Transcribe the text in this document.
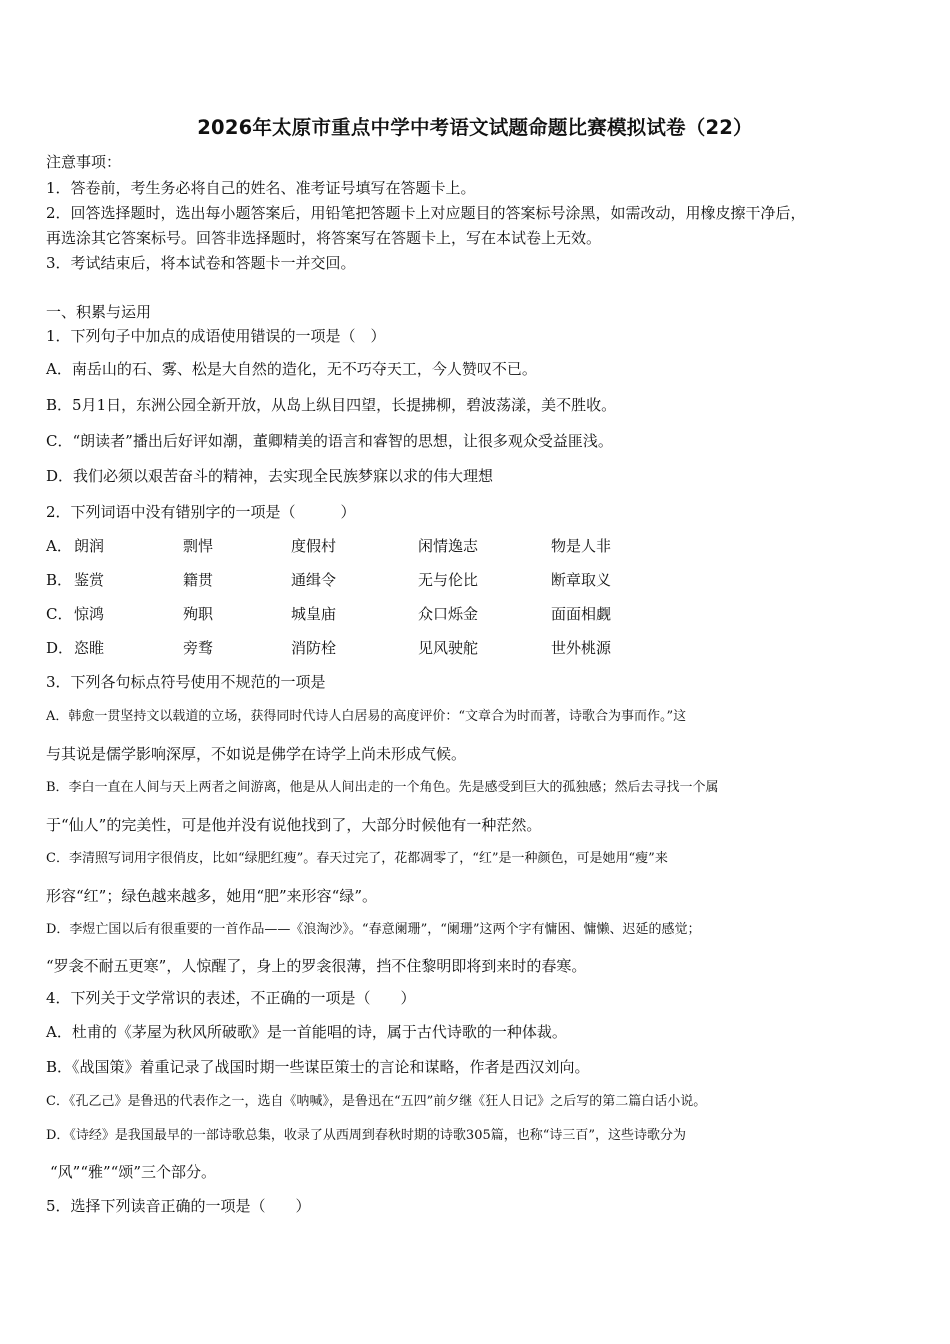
2026年太原市重点中学中考语文试题命题比赛模拟试卷（22）
注意事项：
1．答卷前，考生务必将自己的姓名、准考证号填写在答题卡上。
2．回答选择题时，选出每小题答案后，用铅笔把答题卡上对应题目的答案标号涂黑，如需改动，用橡皮擦干净后，
再选涂其它答案标号。回答非选择题时，将答案写在答题卡上，写在本试卷上无效。
3．考试结束后，将本试卷和答题卡一并交回。
一、积累与运用
1．下列句子中加点的成语使用错误的一项是（　）
A．南岳山的石、雾、松是大自然的造化，无不巧夺天工，今人赞叹不已。
B．5月1日，东洲公园全新开放，从岛上纵目四望，长提拂柳，碧波荡漾，美不胜收。
C．“朗读者”播出后好评如潮，董卿精美的语言和睿智的思想，让很多观众受益匪浅。
D．我们必须以艰苦奋斗的精神，去实现全民族梦寐以求的伟大理想
2．下列词语中没有错别字的一项是（　　　）
A． 朗润	剽悍	度假村	闲情逸志	物是人非
B． 鉴赏	籍贯	通缉令	无与伦比	断章取义
C． 惊鸿	殉职	城皇庙	众口烁金	面面相觑
D． 恣睢	旁骛	消防栓	见风驶舵	世外桃源
3．下列各句标点符号使用不规范的一项是
A．韩愈一贯坚持文以载道的立场，获得同时代诗人白居易的高度评价：“文章合为时而著，诗歌合为事而作。”这
与其说是儒学影响深厚，不如说是佛学在诗学上尚未形成气候。
B．李白一直在人间与天上两者之间游离，他是从人间出走的一个角色。先是感受到巨大的孤独感；然后去寻找一个属
于“仙人”的完美性，可是他并没有说他找到了，大部分时候他有一种茫然。
C．李清照写词用字很俏皮，比如“绿肥红瘦”。春天过完了，花都凋零了，“红”是一种颜色，可是她用“瘦”来
形容“红”；绿色越来越多，她用“肥”来形容“绿”。
D．李煜亡国以后有很重要的一首作品——《浪淘沙》。“春意阑珊”，“阑珊”这两个字有慵困、慵懒、迟延的感觉；
“罗衾不耐五更寒”，人惊醒了，身上的罗衾很薄，挡不住黎明即将到来时的春寒。
4．下列关于文学常识的表述，不正确的一项是（　　）
A．杜甫的《茅屋为秋风所破歌》是一首能唱的诗，属于古代诗歌的一种体裁。
B．《战国策》着重记录了战国时期一些谋臣策士的言论和谋略，作者是西汉刘向。
C．《孔乙己》是鲁迅的代表作之一，选自《呐喊》，是鲁迅在“五四”前夕继《狂人日记》之后写的第二篇白话小说。
D．《诗经》是我国最早的一部诗歌总集，收录了从西周到春秋时期的诗歌305篇，也称“诗三百”，这些诗歌分为
“风”“雅”“颂”三个部分。
5．选择下列读音正确的一项是（　　）
